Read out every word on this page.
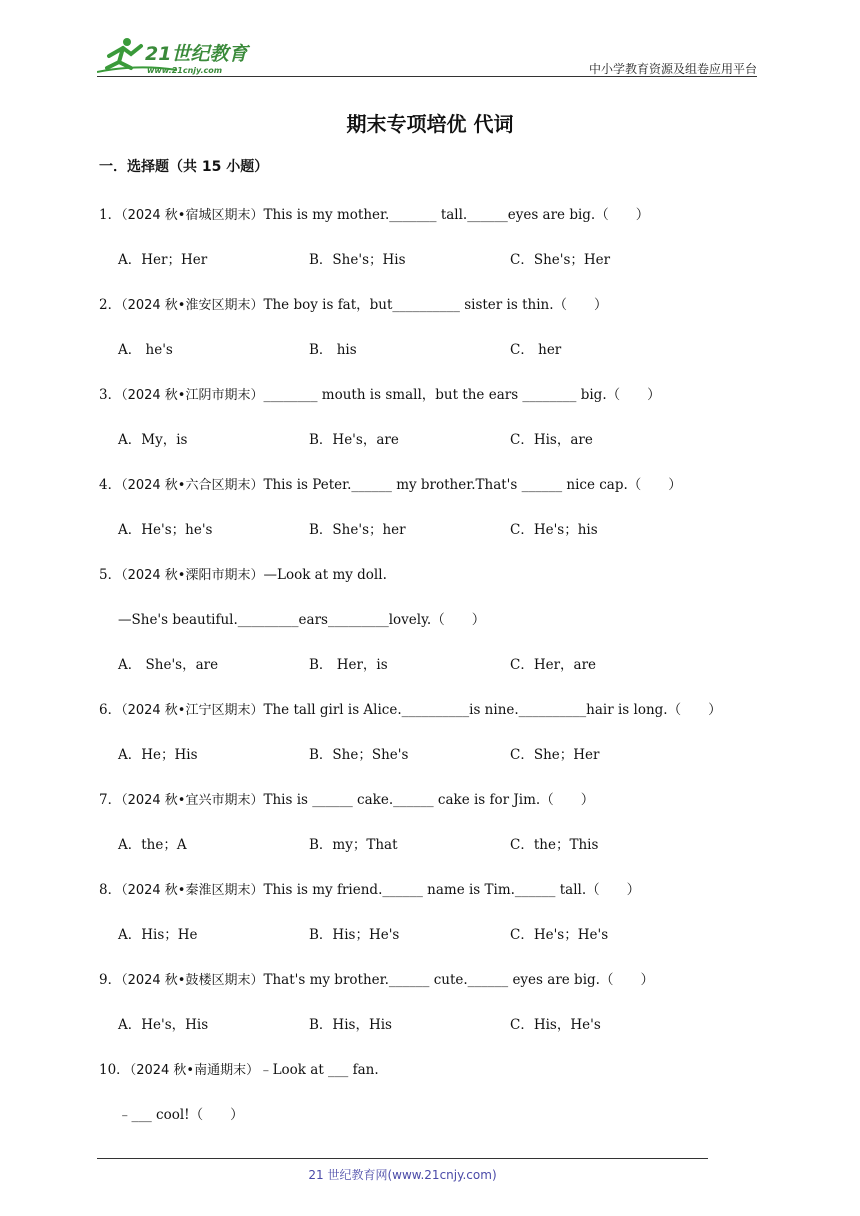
21世纪教育
www.21cnjy.com	中小学教育资源及组卷应用平台
期末专项培优 代词
一．选择题（共 15 小题）
1．（2024 秋•宿城区期末）This is my mother._______ tall.______eyes are big.（　　）
A．Her；Her	B．She's；His	C．She's；Her
2．（2024 秋•淮安区期末）The boy is fat，but__________ sister is thin.（　　）
A． he's	B． his	C． her
3．（2024 秋•江阴市期末）________ mouth is small，but the ears ________ big.（　　）
A．My，is	B．He's，are	C．His，are
4．（2024 秋•六合区期末）This is Peter.______ my brother.That's ______ nice cap.（　　）
A．He's；he's	B．She's；her	C．He's；his
5．（2024 秋•溧阳市期末）—Look at my doll.
—She's beautiful._________ears_________lovely.（　　）
A． She's，are	B． Her，is	C．Her，are
6．（2024 秋•江宁区期末）The tall girl is Alice.__________is nine.__________hair is long.（　　）
A．He；His	B．She；She's	C．She；Her
7．（2024 秋•宜兴市期末）This is ______ cake.______ cake is for Jim.（　　）
A．the；A	B．my；That	C．the；This
8．（2024 秋•秦淮区期末）This is my friend.______ name is Tim.______ tall.（　　）
A．His；He	B．His；He's	C．He's；He's
9．（2024 秋•鼓楼区期末）That's my brother.______ cute.______ eyes are big.（　　）
A．He's，His	B．His，His	C．His，He's
10．（2024 秋•南通期末）﹣Look at ___ fan.
﹣___ cool!（　　）
21 世纪教育网(www.21cnjy.com)
